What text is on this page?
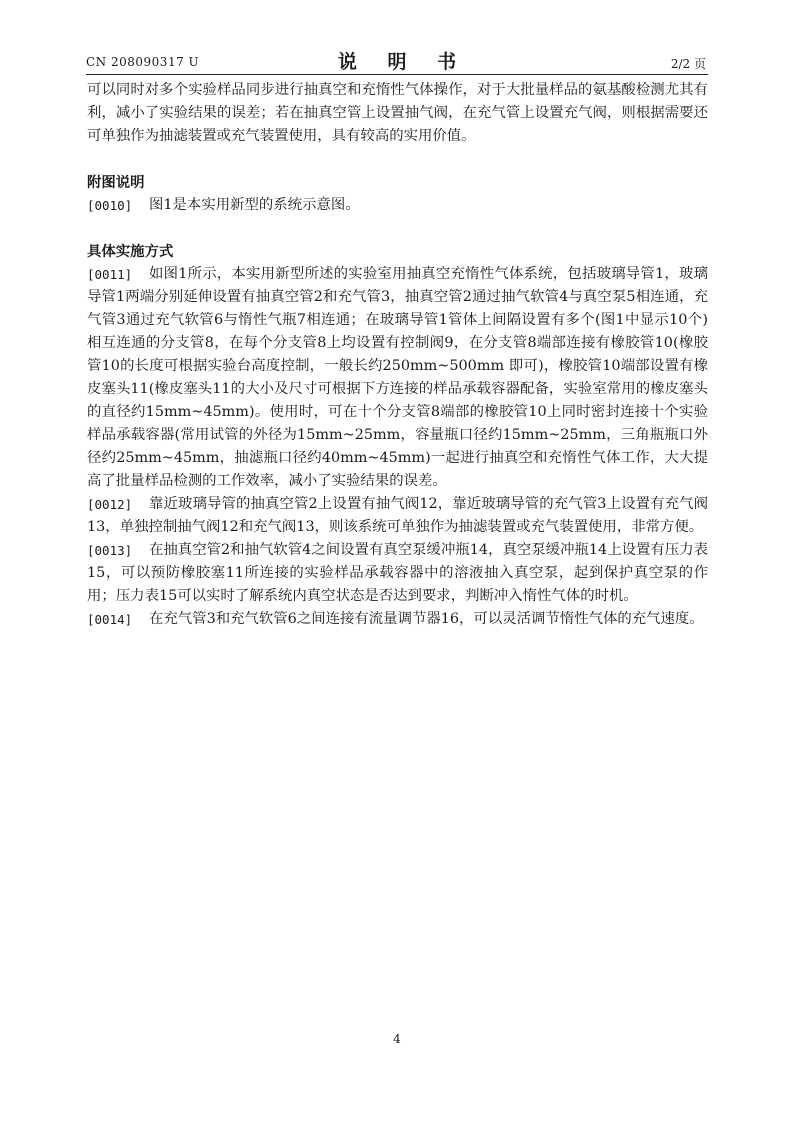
CN 208090317 U	说 明 书	2/2 页

可以同时对多个实验样品同步进行抽真空和充惰性气体操作，对于大批量样品的氨基酸检测尤其有利，减小了实验结果的误差；若在抽真空管上设置抽气阀，在充气管上设置充气阀，则根据需要还可单独作为抽滤装置或充气装置使用，具有较高的实用价值。

附图说明
[0010]	图1是本实用新型的系统示意图。

具体实施方式
[0011]	如图1所示，本实用新型所述的实验室用抽真空充惰性气体系统，包括玻璃导管1，玻璃导管1两端分别延伸设置有抽真空管2和充气管3，抽真空管2通过抽气软管4与真空泵5相连通，充气管3通过充气软管6与惰性气瓶7相连通；在玻璃导管1管体上间隔设置有多个(图1中显示10个)相互连通的分支管8，在每个分支管8上均设置有控制阀9，在分支管8端部连接有橡胶管10(橡胶管10的长度可根据实验台高度控制，一般长约250mm~500mm 即可)，橡胶管10端部设置有橡皮塞头11(橡皮塞头11的大小及尺寸可根据下方连接的样品承载容器配备，实验室常用的橡皮塞头的直径约15mm~45mm)。使用时，可在十个分支管8端部的橡胶管10上同时密封连接十个实验样品承载容器(常用试管的外径为15mm~25mm，容量瓶口径约15mm~25mm，三角瓶瓶口外径约25mm~45mm，抽滤瓶口径约40mm~45mm)一起进行抽真空和充惰性气体工作，大大提高了批量样品检测的工作效率，减小了实验结果的误差。

[0012]	靠近玻璃导管的抽真空管2上设置有抽气阀12，靠近玻璃导管的充气管3上设置有充气阀13，单独控制抽气阀12和充气阀13，则该系统可单独作为抽滤装置或充气装置使用，非常方便。

[0013]	在抽真空管2和抽气软管4之间设置有真空泵缓冲瓶14，真空泵缓冲瓶14上设置有压力表15，可以预防橡胶塞11所连接的实验样品承载容器中的溶液抽入真空泵，起到保护真空泵的作用；压力表15可以实时了解系统内真空状态是否达到要求，判断冲入惰性气体的时机。

[0014]	在充气管3和充气软管6之间连接有流量调节器16，可以灵活调节惰性气体的充气速度。

4
